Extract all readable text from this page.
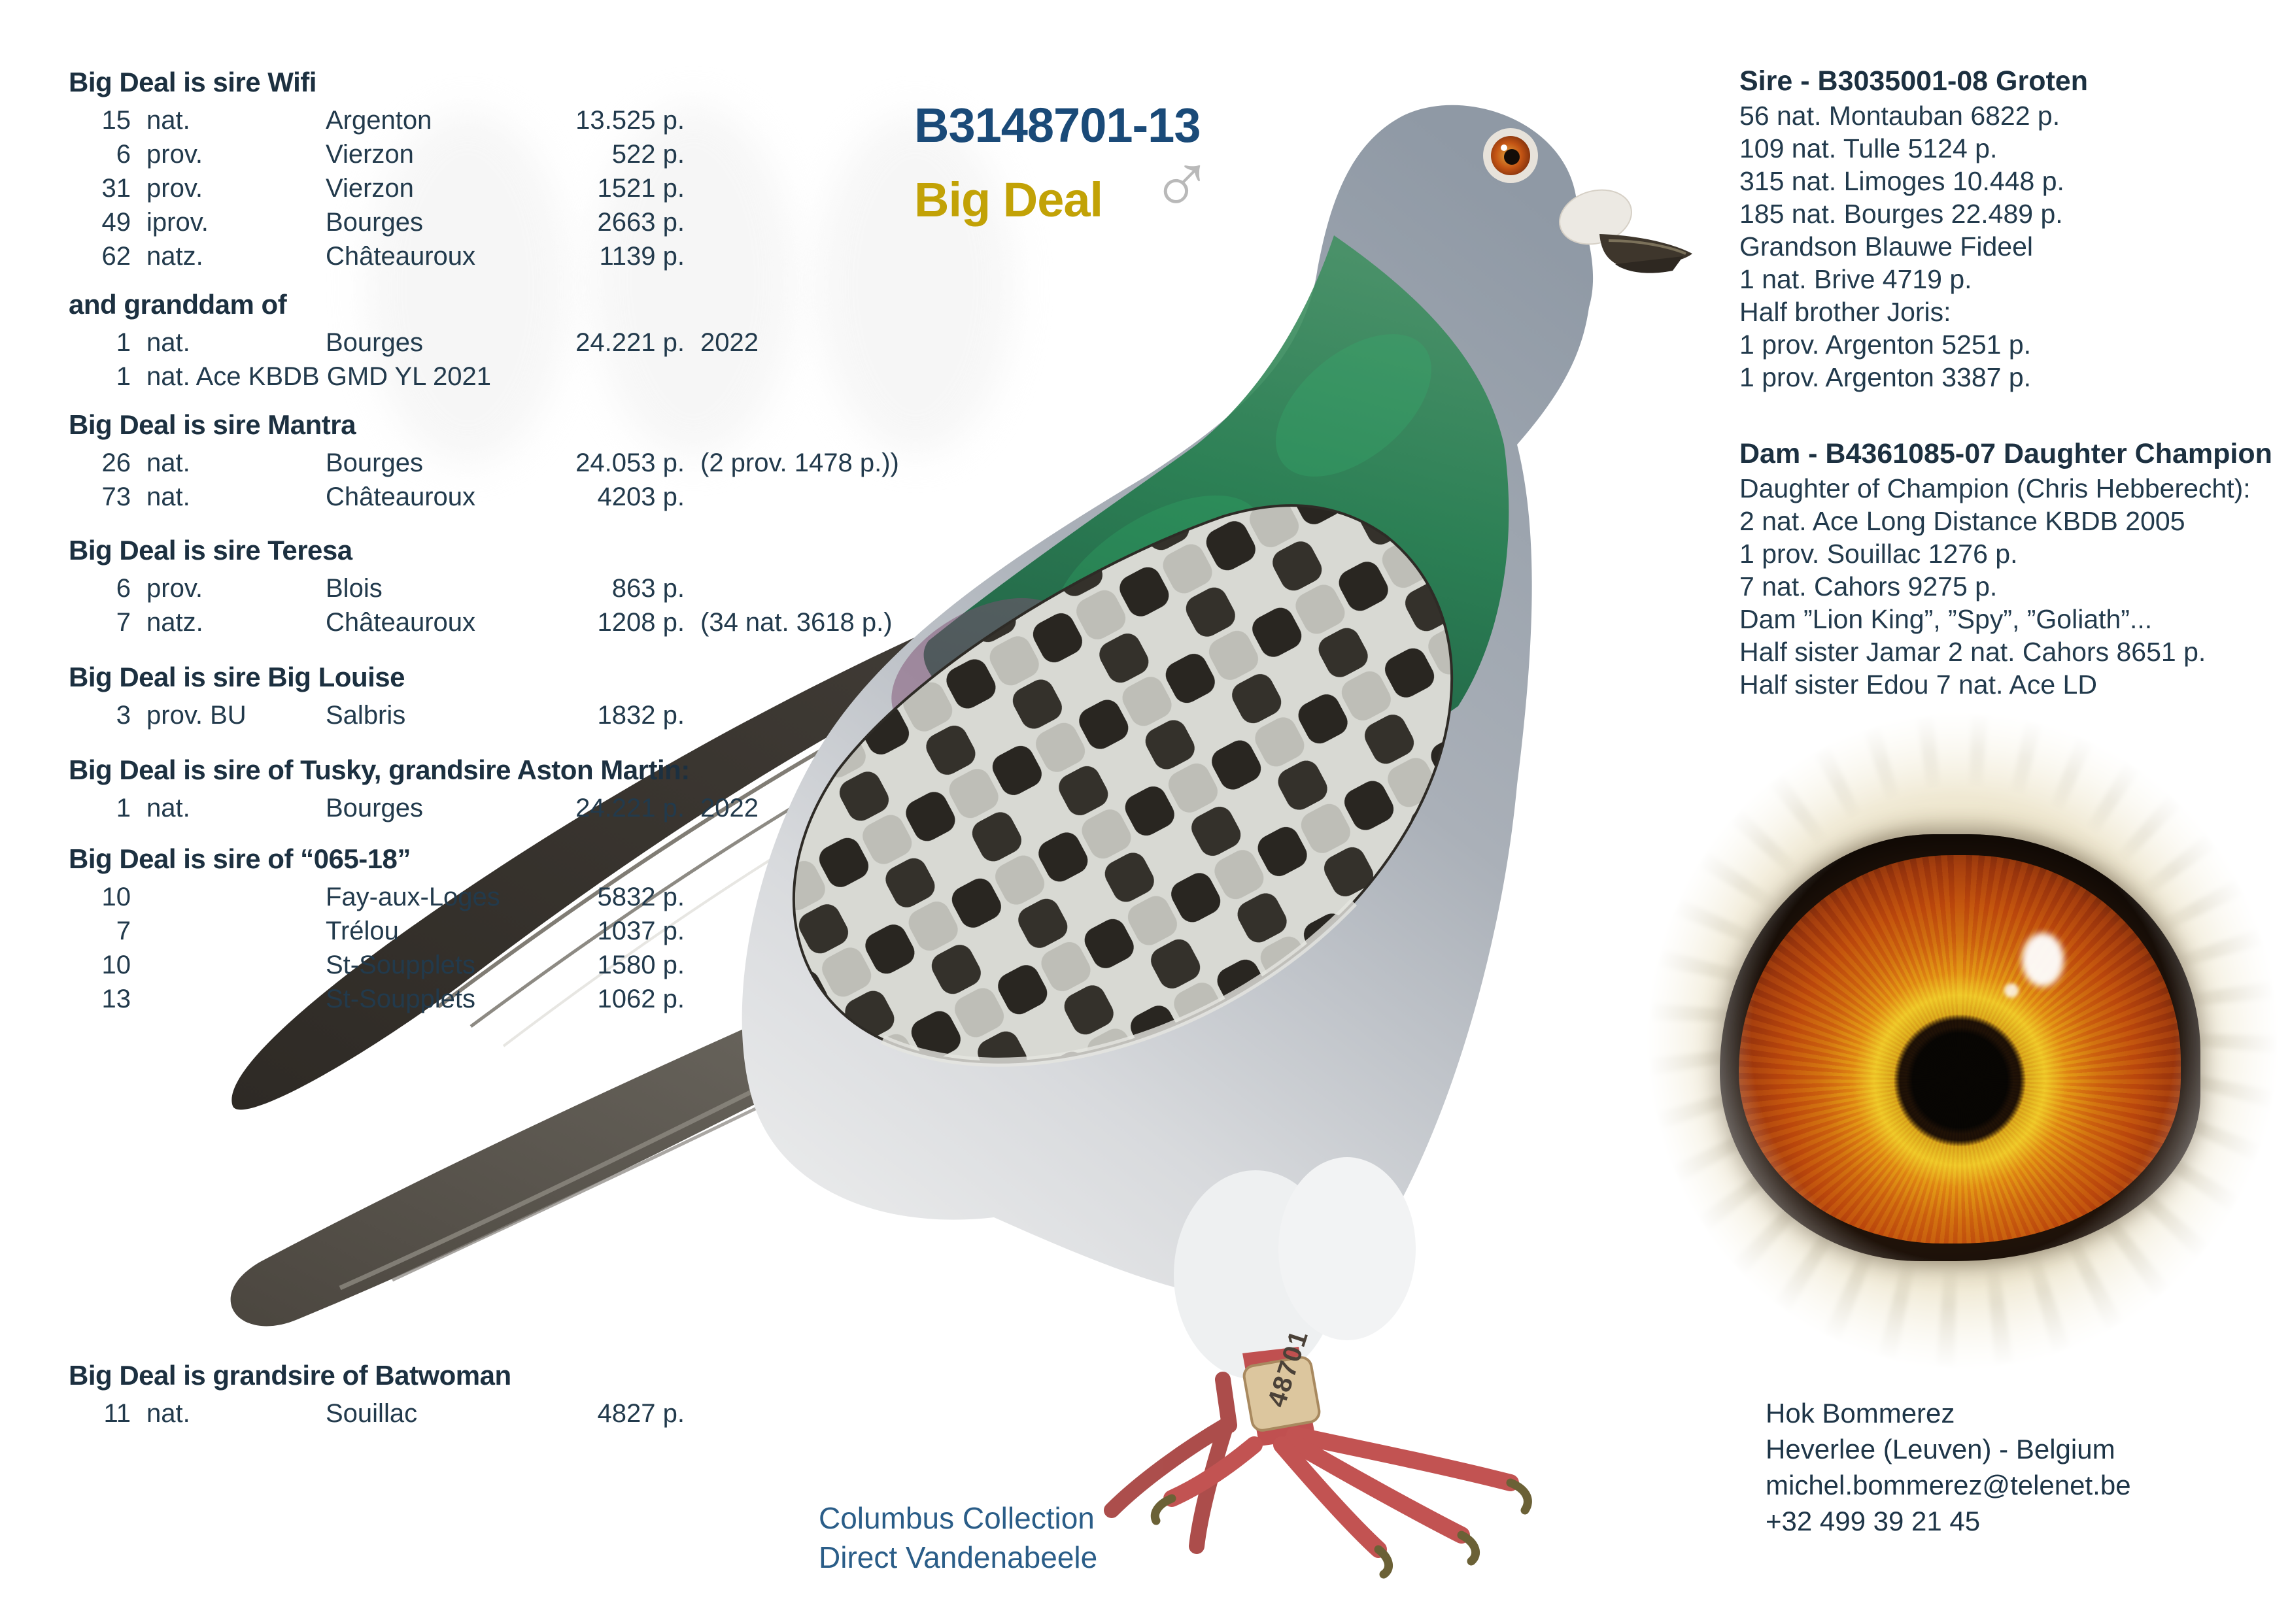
48701
B3148701-13
Big Deal ♂
Big Deal is sire Wifi
15 nat.	Argenton	13.525 p.
6 prov.	Vierzon	522 p.
31 prov.	Vierzon	1521 p.
49 iprov.	Bourges	2663 p.
62 natz.	Châteauroux	1139 p.
and granddam of
1 nat.	Bourges	24.221 p. 2022
1 nat. Ace KBDB GMD YL 2021
Big Deal is sire Mantra
26 nat.	Bourges	24.053 p. (2 prov. 1478 p.))
73 nat.	Châteauroux	4203 p.
Big Deal is sire Teresa
6 prov.	Blois	863 p.
7 natz.	Châteauroux	1208 p. (34 nat. 3618 p.)
Big Deal is sire Big Louise
3 prov. BU	Salbris	1832 p.
Big Deal is sire of Tusky, grandsire Aston Martin:
1 nat.	Bourges	24.221 p. 2022
Big Deal is sire of “065-18”
10	Fay-aux-Loges	5832 p.
7	Trélou	1037 p.
10	St-Soupplets	1580 p.
13	St-Soupplets	1062 p.
Big Deal is grandsire of Batwoman
11 nat.	Souillac	4827 p.
Sire - B3035001-08 Groten
56 nat. Montauban 6822 p.
109 nat. Tulle 5124 p.
315 nat. Limoges 10.448 p.
185 nat. Bourges 22.489 p.
Grandson Blauwe Fideel
1 nat. Brive 4719 p.
Half brother Joris:
1 prov. Argenton 5251 p.
1 prov. Argenton 3387 p.
Dam - B4361085-07 Daughter Champion
Daughter of Champion (Chris Hebberecht):
2 nat. Ace Long Distance KBDB 2005
1 prov. Souillac 1276 p.
7 nat. Cahors 9275 p.
Dam ”Lion King”, ”Spy”, ”Goliath”...
Half sister Jamar 2 nat. Cahors 8651 p.
Half sister Edou 7 nat. Ace LD
Hok Bommerez
Heverlee (Leuven) - Belgium
michel.bommerez@telenet.be
+32 499 39 21 45
Columbus Collection
Direct Vandenabeele
